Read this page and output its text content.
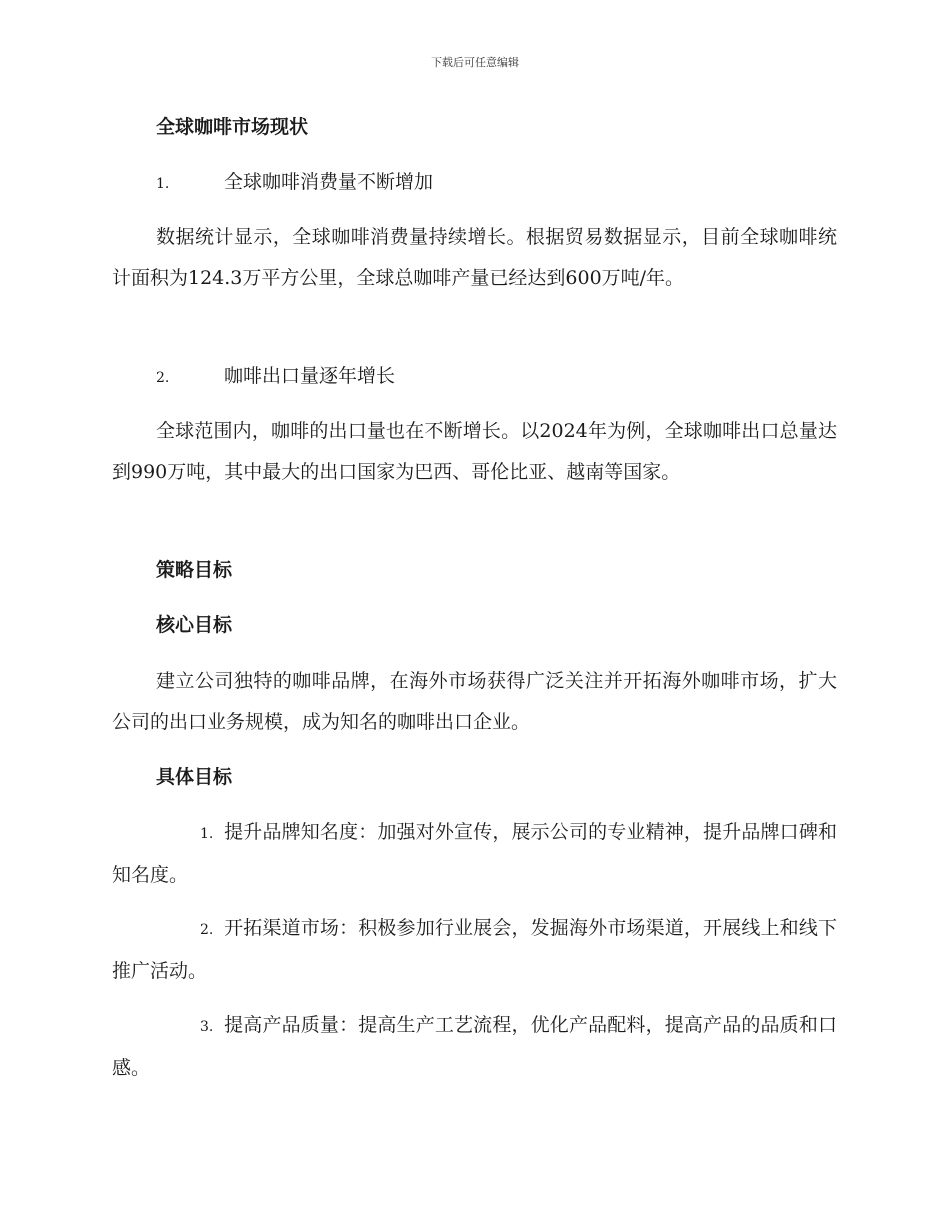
下载后可任意编辑
全球咖啡市场现状
1.	全球咖啡消费量不断增加
数据统计显示，全球咖啡消费量持续增长。根据贸易数据显示，目前全球咖啡统计面积为124.3万平方公里，全球总咖啡产量已经达到600万吨/年。
2.	咖啡出口量逐年增长
全球范围内，咖啡的出口量也在不断增长。以2024年为例，全球咖啡出口总量达到990万吨，其中最大的出口国家为巴西、哥伦比亚、越南等国家。
策略目标
核心目标
建立公司独特的咖啡品牌，在海外市场获得广泛关注并开拓海外咖啡市场，扩大公司的出口业务规模，成为知名的咖啡出口企业。
具体目标
1. 提升品牌知名度：加强对外宣传，展示公司的专业精神，提升品牌口碑和知名度。
2. 开拓渠道市场：积极参加行业展会，发掘海外市场渠道，开展线上和线下推广活动。
3. 提高产品质量：提高生产工艺流程，优化产品配料，提高产品的品质和口感。
